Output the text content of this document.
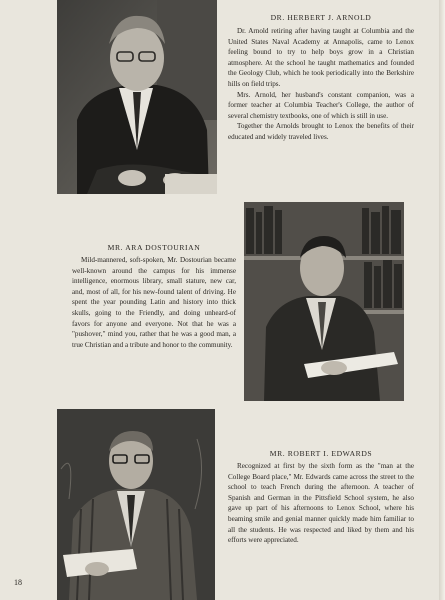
DR. HERBERT J. ARNOLD

Dr. Arnold retiring after having taught at Columbia and the United States Naval Academy at Annapolis, came to Lenox feeling bound to try to help boys grow in a Christian atmosphere. At the school he taught mathematics and founded the Geology Club, which he took periodically into the Berkshire hills on field trips.

Mrs. Arnold, her husband's constant companion, was a former teacher at Columbia Teacher's College, the author of several chemistry textbooks, one of which is still in use.

Together the Arnolds brought to Lenox the benefits of their educated and widely traveled lives.

MR. ARA DOSTOURIAN

Mild-mannered, soft-spoken, Mr. Dostourian became well-known around the campus for his immense intelligence, enormous library, small stature, new car, and, most of all, for his new-found talent of driving. He spent the year pounding Latin and history into thick skulls, going to the Friendly, and doing unheard-of favors for anyone and everyone. Not that he was a "pushover," mind you, rather that he was a good man, a true Christian and a tribute and honor to the community.

MR. ROBERT I. EDWARDS

Recognized at first by the sixth form as the "man at the College Board place," Mr. Edwards came across the street to the school to teach French during the afternoon. A teacher of Spanish and German in the Pittsfield School system, he also gave up part of his afternoons to Lenox School, where his beaming smile and genial manner quickly made him familiar to all the students. He was respected and liked by them and his efforts were appreciated.

18
